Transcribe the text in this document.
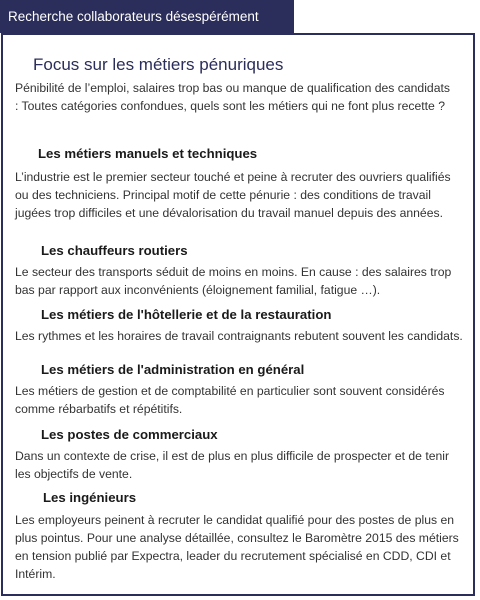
Recherche collaborateurs désespérément
Focus sur les métiers pénuriques
Pénibilité de l’emploi, salaires trop bas ou manque de qualification des candidats : Toutes catégories confondues, quels sont les métiers qui ne font plus recette ?
Les métiers manuels et techniques
L’industrie est le premier secteur touché et peine à recruter des ouvriers qualifiés ou des techniciens. Principal motif de cette pénurie : des conditions de travail jugées trop difficiles et une dévalorisation du travail manuel depuis des années.
Les chauffeurs routiers
Le secteur des transports séduit de moins en moins. En cause : des salaires trop bas par rapport aux inconvénients (éloignement familial, fatigue …).
Les métiers de l'hôtellerie et de la restauration
Les rythmes et les horaires de travail contraignants rebutent souvent les candidats.
Les métiers de l'administration en général
Les métiers de gestion et de comptabilité en particulier sont souvent considérés comme rébarbatifs et répétitifs.
Les postes de commerciaux
Dans un contexte de crise, il est de plus en plus difficile de prospecter et de tenir les objectifs de vente.
Les ingénieurs
Les employeurs peinent à recruter le candidat qualifié pour des postes de plus en plus pointus. Pour une analyse détaillée, consultez le Baromètre 2015 des métiers en tension publié par Expectra, leader du recrutement spécialisé en CDD, CDI et Intérim.
